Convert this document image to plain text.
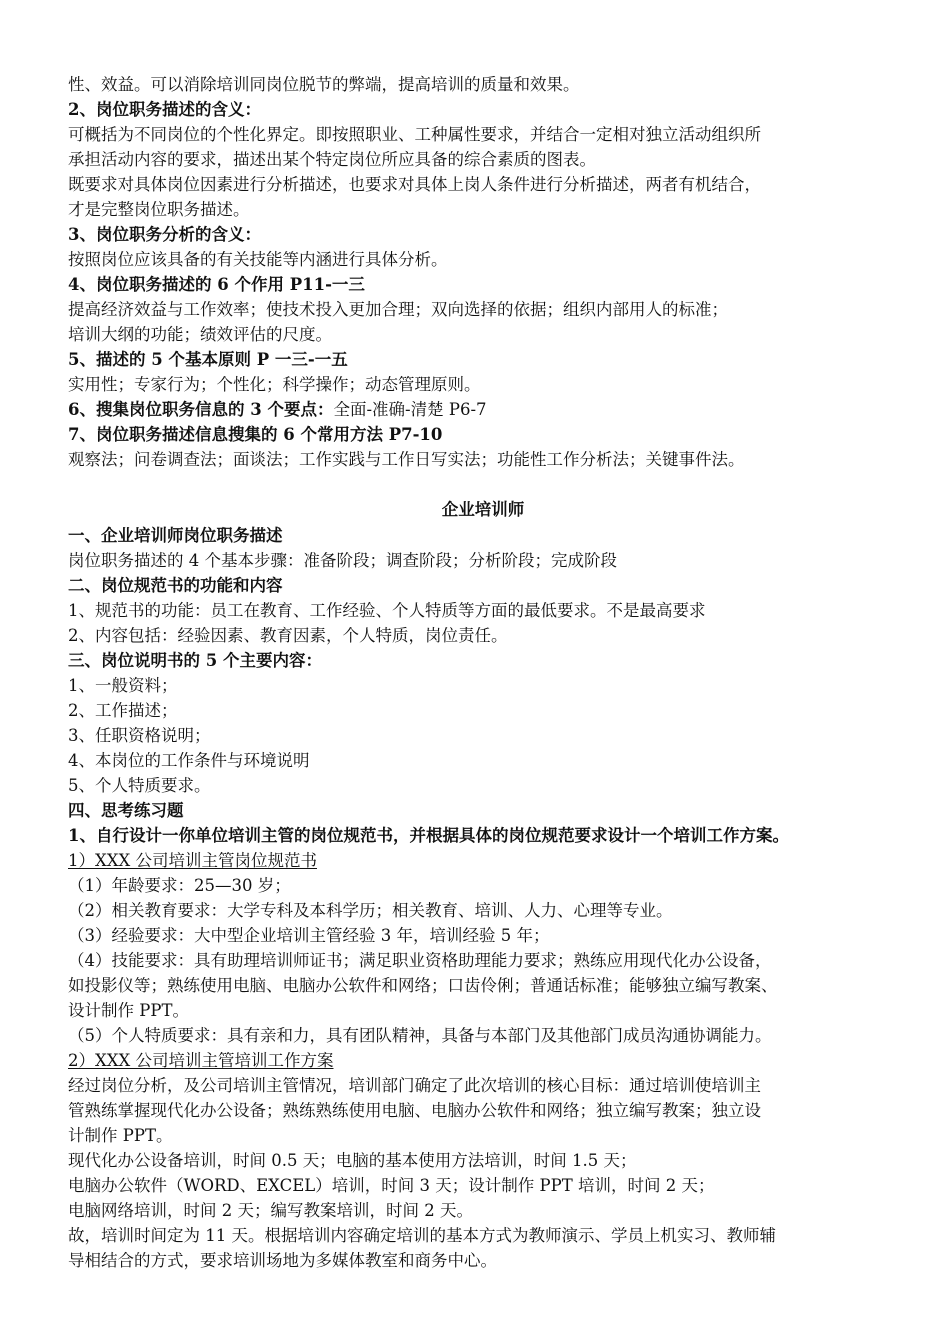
性、效益。可以消除培训同岗位脱节的弊端，提高培训的质量和效果。
2、岗位职务描述的含义：
可概括为不同岗位的个性化界定。即按照职业、工种属性要求，并结合一定相对独立活动组织所
承担活动内容的要求，描述出某个特定岗位所应具备的综合素质的图表。
既要求对具体岗位因素进行分析描述，也要求对具体上岗人条件进行分析描述，两者有机结合，
才是完整岗位职务描述。
3、岗位职务分析的含义：
按照岗位应该具备的有关技能等内涵进行具体分析。
4、岗位职务描述的 6 个作用 P11-一三
提高经济效益与工作效率；使技术投入更加合理；双向选择的依据；组织内部用人的标准；
培训大纲的功能；绩效评估的尺度。
5、描述的 5 个基本原则 P 一三-一五
实用性；专家行为；个性化；科学操作；动态管理原则。
6、搜集岗位职务信息的 3 个要点：全面-准确-清楚 P6-7
7、岗位职务描述信息搜集的 6 个常用方法 P7-10
观察法；问卷调查法；面谈法；工作实践与工作日写实法；功能性工作分析法；关键事件法。
企业培训师
一、企业培训师岗位职务描述
岗位职务描述的 4 个基本步骤：准备阶段；调查阶段；分析阶段；完成阶段
二、岗位规范书的功能和内容
1、规范书的功能：员工在教育、工作经验、个人特质等方面的最低要求。不是最高要求
2、内容包括：经验因素、教育因素，个人特质，岗位责任。
三、岗位说明书的 5 个主要内容：
1、一般资料；
2、工作描述；
3、任职资格说明；
4、本岗位的工作条件与环境说明
5、个人特质要求。
四、思考练习题
1、自行设计一你单位培训主管的岗位规范书，并根据具体的岗位规范要求设计一个培训工作方案。
1）XXX 公司培训主管岗位规范书
（1）年龄要求：25—30 岁；
（2）相关教育要求：大学专科及本科学历；相关教育、培训、人力、心理等专业。
（3）经验要求：大中型企业培训主管经验 3 年，培训经验 5 年；
（4）技能要求：具有助理培训师证书；满足职业资格助理能力要求；熟练应用现代化办公设备，
如投影仪等；熟练使用电脑、电脑办公软件和网络；口齿伶俐；普通话标准；能够独立编写教案、
设计制作 PPT。
（5）个人特质要求：具有亲和力，具有团队精神，具备与本部门及其他部门成员沟通协调能力。
2）XXX 公司培训主管培训工作方案
经过岗位分析，及公司培训主管情况，培训部门确定了此次培训的核心目标：通过培训使培训主
管熟练掌握现代化办公设备；熟练熟练使用电脑、电脑办公软件和网络；独立编写教案；独立设
计制作 PPT。
现代化办公设备培训，时间 0.5 天；电脑的基本使用方法培训，时间 1.5 天；
电脑办公软件（WORD、EXCEL）培训，时间 3 天；设计制作 PPT 培训，时间 2 天；
电脑网络培训，时间 2 天；编写教案培训，时间 2 天。
故，培训时间定为 11 天。根据培训内容确定培训的基本方式为教师演示、学员上机实习、教师辅
导相结合的方式，要求培训场地为多媒体教室和商务中心。
